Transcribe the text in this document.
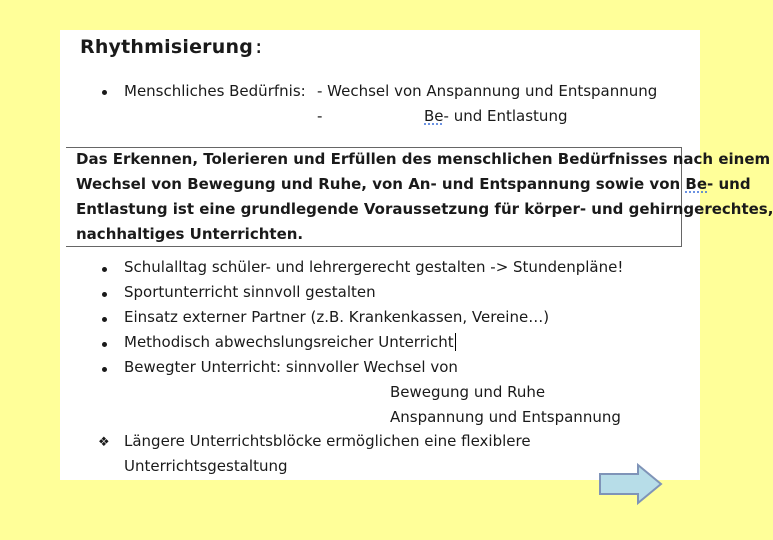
Rhythmisierung:
Menschliches Bedürfnis: - Wechsel von Anspannung und Entspannung
-	Be- und Entlastung
Das Erkennen, Tolerieren und Erfüllen des menschlichen Bedürfnisses nach einem
Wechsel von Bewegung und Ruhe, von An- und Entspannung sowie von Be- und
Entlastung ist eine grundlegende Voraussetzung für körper- und gehirngerechtes,
nachhaltiges Unterrichten.
Schulalltag schüler- und lehrergerecht gestalten -> Stundenpläne!
Sportunterricht sinnvoll gestalten
Einsatz externer Partner (z.B. Krankenkassen, Vereine…)
Methodisch abwechslungsreicher Unterricht
Bewegter Unterricht: sinnvoller Wechsel von
Bewegung und Ruhe
Anspannung und Entspannung
❖ Längere Unterrichtsblöcke ermöglichen eine flexiblere
Unterrichtsgestaltung
